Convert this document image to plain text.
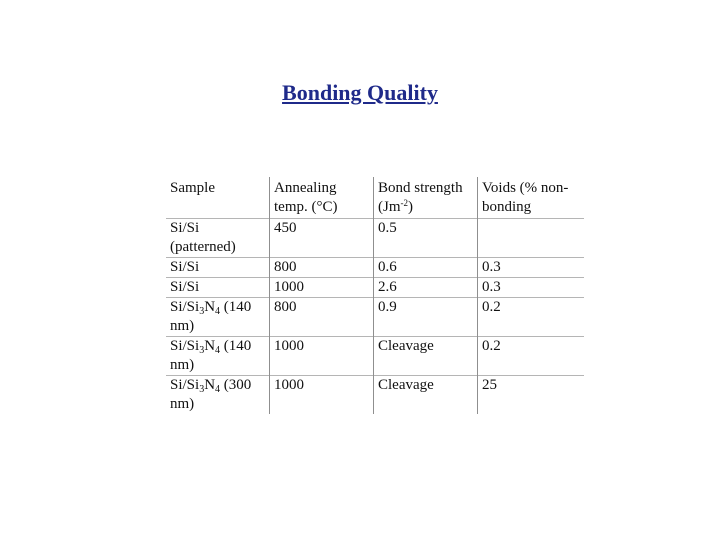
Bonding Quality
Sample	Annealing temp. (°C)	Bond strength $(Jm^{-2})$	Voids (% non-bonding
Si/Si (patterned)	450	0.5	
Si/Si	800	0.6	0.3
Si/Si	1000	2.6	0.3
$Si/Si_3N_4$ (140 nm)	800	0.9	0.2
$Si/Si_3N_4$ (140 nm)	1000	Cleavage	0.2
$Si/Si_3N_4$ (300 nm)	1000	Cleavage	25
